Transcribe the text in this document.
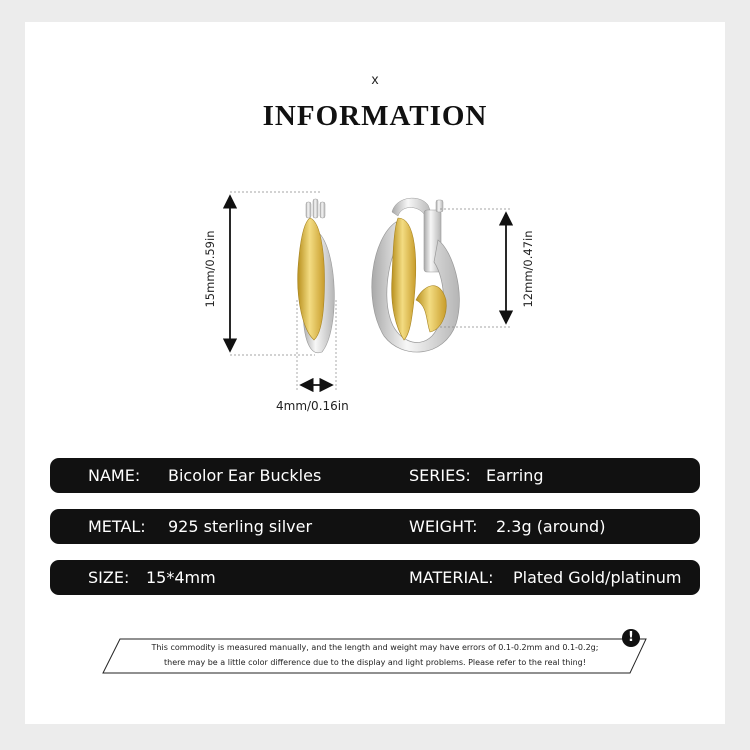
x
INFORMATION
15mm/0.59in
4mm/0.16in
12mm/0.47in
NAME: Bicolor Ear Buckles	SERIES: Earring
METAL: 925 sterling silver	WEIGHT: 2.3g (around)
SIZE: 15*4mm	MATERIAL: Plated Gold/platinum
This commodity is measured manually, and the length and weight may have errors of 0.1-0.2mm and 0.1-0.2g;
there may be a little color difference due to the display and light problems. Please refer to the real thing!
!
